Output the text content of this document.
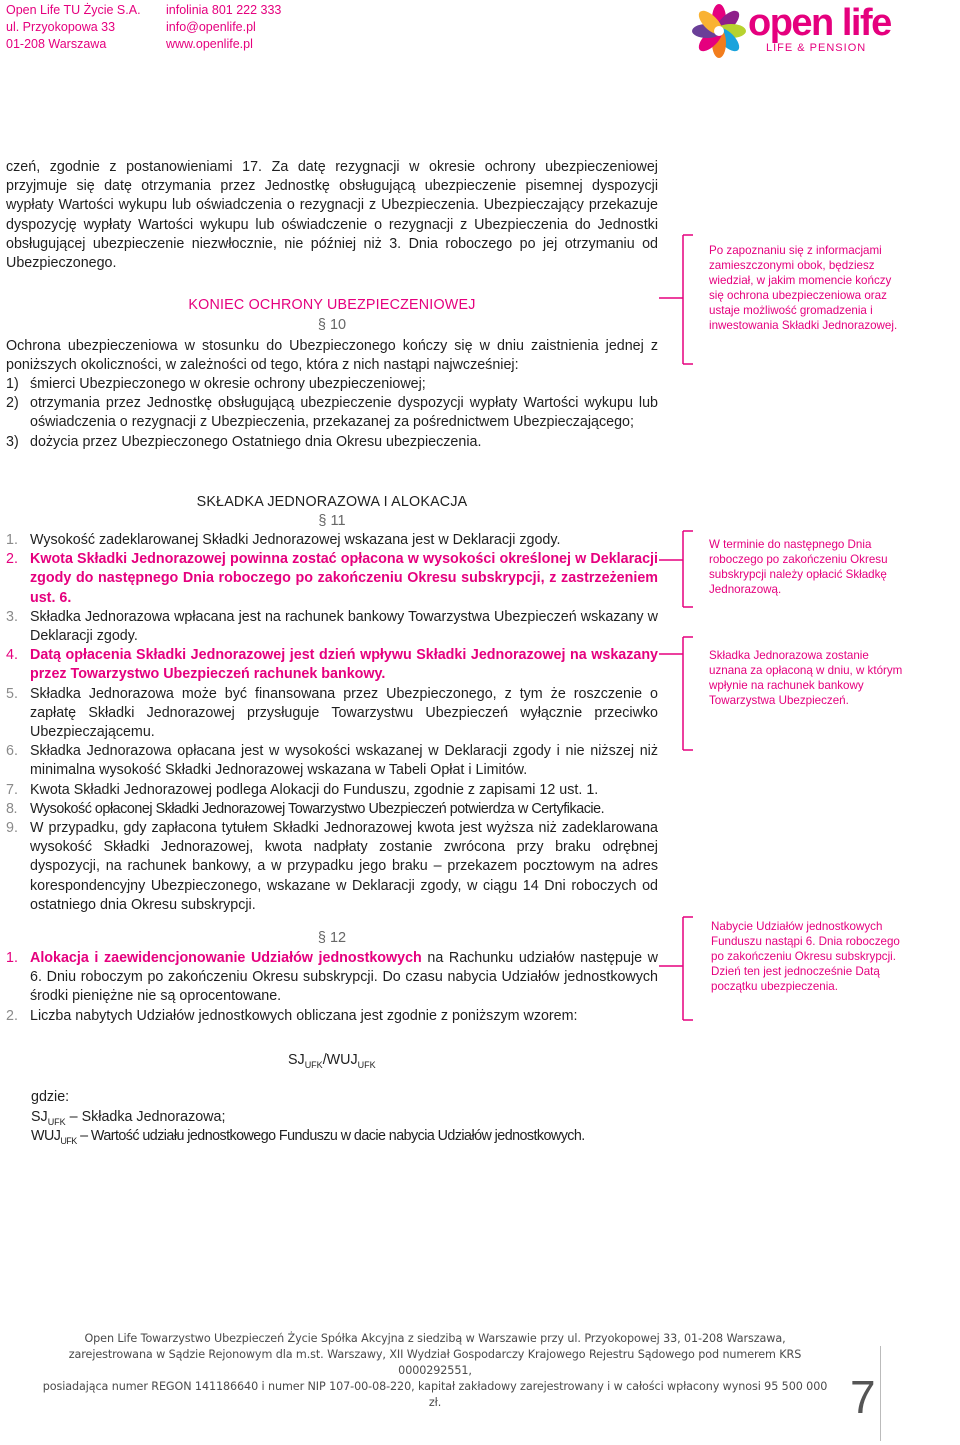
Open Life TU Życie S.A.
ul. Przyokopowa 33
01-208 Warszawa
infolinia 801 222 333
info@openlife.pl
www.openlife.pl	open life
LIFE & PENSION

czeń, zgodnie z postanowieniami 17. Za datę rezygnacji w okresie ochrony ubezpieczeniowej przyjmuje się datę otrzymania przez Jednostkę obsługującą ubezpieczenie pisemnej dyspozycji wypłaty Wartości wykupu lub oświadczenia o rezygnacji z Ubezpieczenia. Ubezpieczający przekazuje dyspozycję wypłaty Wartości wykupu lub oświadczenie o rezygnacji z Ubezpieczenia do Jednostki obsługującej ubezpieczenie niezwłocznie, nie później niż 3. Dnia roboczego po jej otrzymaniu od Ubezpieczonego.

KONIEC OCHRONY UBEZPIECZENIOWEJ
§ 10

Ochrona ubezpieczeniowa w stosunku do Ubezpieczonego kończy się w dniu zaistnienia jednej z poniższych okoliczności, w zależności od tego, która z nich nastąpi najwcześniej:

1) śmierci Ubezpieczonego w okresie ochrony ubezpieczeniowej;
2) otrzymania przez Jednostkę obsługującą ubezpieczenie dyspozycji wypłaty Wartości wykupu lub oświadczenia o rezygnacji z Ubezpieczenia, przekazanej za pośrednictwem Ubezpieczającego;
3) dożycia przez Ubezpieczonego Ostatniego dnia Okresu ubezpieczenia.
Po zapoznaniu się z informacjami zamieszczonymi obok, będziesz wiedział, w jakim momencie kończy się ochrona ubezpieczeniowa oraz ustaje możliwość gromadzenia i inwestowania Składki Jednorazowej.
SKŁADKA JEDNORAZOWA I ALOKACJA
§ 11
1. Wysokość zadeklarowanej Składki Jednorazowej wskazana jest w Deklaracji zgody.
2. Kwota Składki Jednorazowej powinna zostać opłacona w wysokości określonej w Deklaracji zgody do następnego Dnia roboczego po zakończeniu Okresu subskrypcji, z zastrzeżeniem ust. 6.
3. Składka Jednorazowa wpłacana jest na rachunek bankowy Towarzystwa Ubezpieczeń wskazany w Deklaracji zgody.
4. Datą opłacenia Składki Jednorazowej jest dzień wpływu Składki Jednorazowej na wskazany przez Towarzystwo Ubezpieczeń rachunek bankowy.
5. Składka Jednorazowa może być finansowana przez Ubezpieczonego, z tym że roszczenie o zapłatę Składki Jednorazowej przysługuje Towarzystwu Ubezpieczeń wyłącznie przeciwko Ubezpieczającemu.
6. Składka Jednorazowa opłacana jest w wysokości wskazanej w Deklaracji zgody i nie niższej niż minimalna wysokość Składki Jednorazowej wskazana w Tabeli Opłat i Limitów.
7. Kwota Składki Jednorazowej podlega Alokacji do Funduszu, zgodnie z zapisami 12 ust. 1.
8. Wysokość opłaconej Składki Jednorazowej Towarzystwo Ubezpieczeń potwierdza w Certyfikacie.
9. W przypadku, gdy zapłacona tytułem Składki Jednorazowej kwota jest wyższa niż zadeklarowana wysokość Składki Jednorazowej, kwota nadpłaty zostanie zwrócona przy braku odrębnej dyspozycji, na rachunek bankowy, a w przypadku jego braku – przekazem pocztowym na adres korespondencyjny Ubezpieczonego, wskazane w Deklaracji zgody, w ciągu 14 Dni roboczych od ostatniego dnia Okresu subskrypcji.
W terminie do następnego Dnia roboczego po zakończeniu Okresu subskrypcji należy opłacić Składkę Jednorazową.
Składka Jednorazowa zostanie uznana za opłaconą w dniu, w którym wpłynie na rachunek bankowy Towarzystwa Ubezpieczeń.
§ 12
1. Alokacja i zaewidencjonowanie Udziałów jednostkowych na Rachunku udziałów następuje w 6. Dniu roboczym po zakończeniu Okresu subskrypcji. Do czasu nabycia Udziałów jednostkowych środki pieniężne nie są oprocentowane.
2. Liczba nabytych Udziałów jednostkowych obliczana jest zgodnie z poniższym wzorem:
Nabycie Udziałów jednostkowych Funduszu nastąpi 6. Dnia roboczego po zakończeniu Okresu subskrypcji. Dzień ten jest jednocześnie Datą początku ubezpieczenia.
$SJ_{UFK}/WUJ_{UFK}$
gdzie:
$SJ_{UFK}$ – Składka Jednorazowa;
$WUJ_{UFK}$ – Wartość udziału jednostkowego Funduszu w dacie nabycia Udziałów jednostkowych.
Open Life Towarzystwo Ubezpieczeń Życie Spółka Akcyjna z siedzibą w Warszawie przy ul. Przyokopowej 33, 01-208 Warszawa,
zarejestrowana w Sądzie Rejonowym dla m.st. Warszawy, XII Wydział Gospodarczy Krajowego Rejestru Sądowego pod numerem KRS 0000292551,
posiadająca numer REGON 141186640 i numer NIP 107-00-08-220, kapitał zakładowy zarejestrowany i w całości wpłacony wynosi 95 500 000 zł.	7
